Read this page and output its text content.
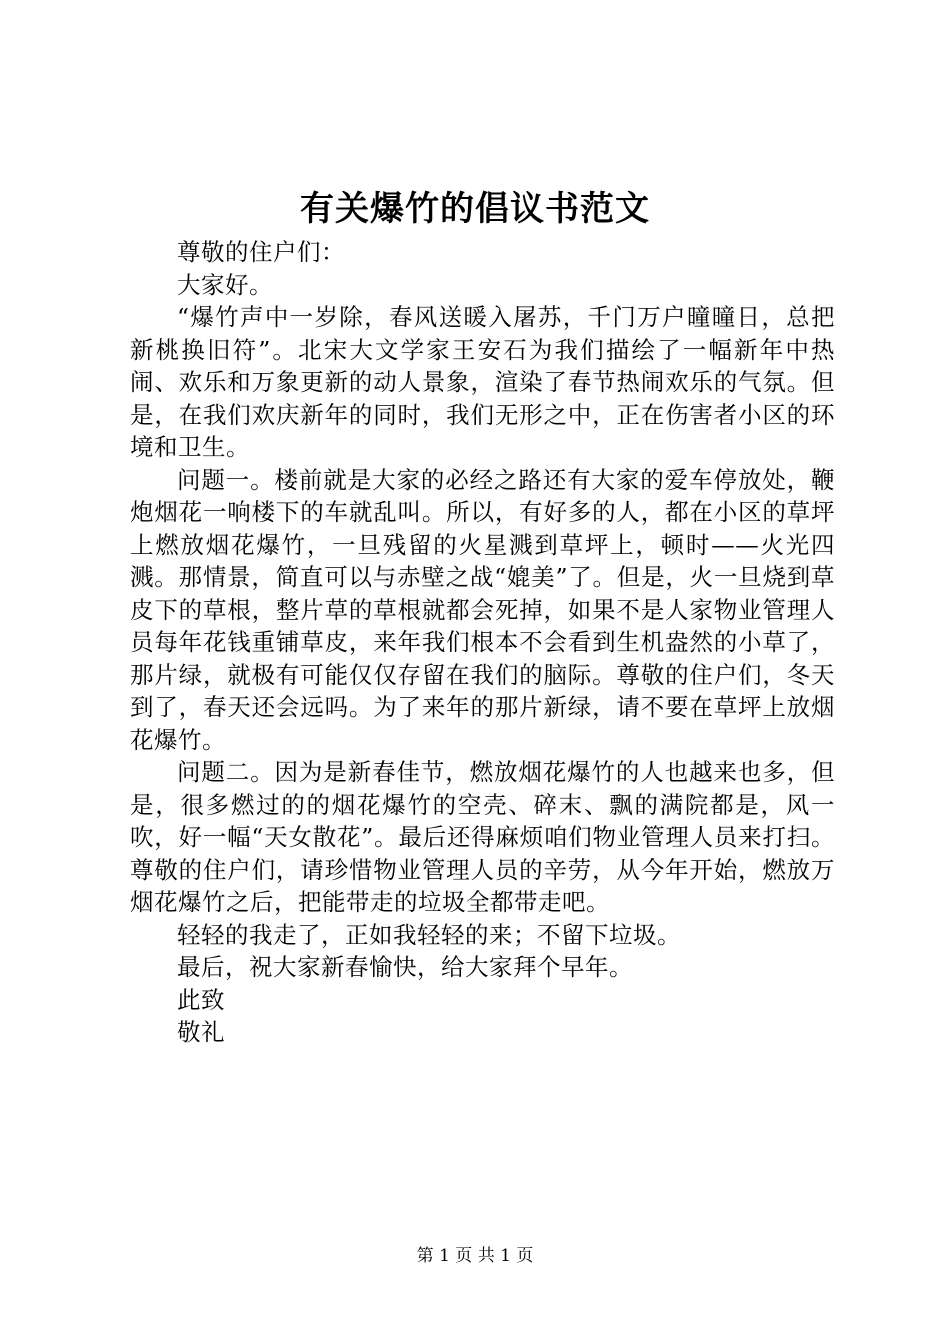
有关爆竹的倡议书范文

尊敬的住户们：

大家好。

“爆竹声中一岁除，春风送暖入屠苏，千门万户曈曈日，总把新桃换旧符”。北宋大文学家王安石为我们描绘了一幅新年中热闹、欢乐和万象更新的动人景象，渲染了春节热闹欢乐的气氛。但是，在我们欢庆新年的同时，我们无形之中，正在伤害者小区的环境和卫生。

问题一。楼前就是大家的必经之路还有大家的爱车停放处，鞭炮烟花一响楼下的车就乱叫。所以，有好多的人，都在小区的草坪上燃放烟花爆竹，一旦残留的火星溅到草坪上，顿时——火光四溅。那情景，简直可以与赤壁之战“媲美”了。但是，火一旦烧到草皮下的草根，整片草的草根就都会死掉，如果不是人家物业管理人员每年花钱重铺草皮，来年我们根本不会看到生机盎然的小草了，那片绿，就极有可能仅仅存留在我们的脑际。尊敬的住户们，冬天到了，春天还会远吗。为了来年的那片新绿，请不要在草坪上放烟花爆竹。

问题二。因为是新春佳节，燃放烟花爆竹的人也越来也多，但是，很多燃过的的烟花爆竹的空壳、碎末、飘的满院都是，风一吹，好一幅“天女散花”。最后还得麻烦咱们物业管理人员来打扫。尊敬的住户们，请珍惜物业管理人员的辛劳，从今年开始，燃放万烟花爆竹之后，把能带走的垃圾全都带走吧。

轻轻的我走了，正如我轻轻的来；不留下垃圾。

最后，祝大家新春愉快，给大家拜个早年。

此致

敬礼

第 1 页 共 1 页
